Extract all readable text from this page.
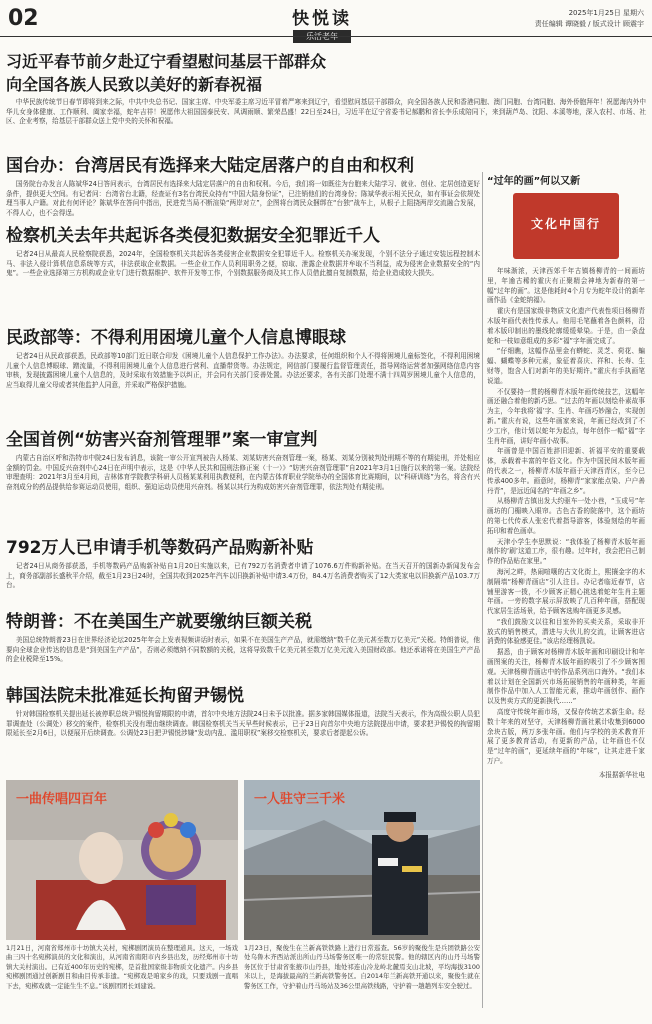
02	快悦读	2025年1月25日 星期六
责任编辑 谭晓毅 / 版式设计 顾震宇
习近平春节前夕赴辽宁看望慰问基层干部群众
向全国各族人民致以美好的新春祝福

中华民族传统节日春节即将到来之际，中共中央总书记、国家主席、中央军委主席习近平冒着严寒来到辽宁，看望慰问基层干部群众，向全国各族人民和香港同胞、澳门同胞、台湾同胞、海外侨胞拜年！祝愿海内外中华儿女身体健康、工作顺利、阖家幸福，蛇年吉祥！祝愿伟大祖国国泰民安、风调雨顺、繁荣昌盛！22日至24日，习近平在辽宁省委书记郝鹏和省长李乐成陪同下，来到葫芦岛、沈阳、本溪等地，深入农村、市场、社区、企业考察，给基层干部群众送上党中央的关怀和祝福。

国台办：台湾居民有选择来大陆定居落户的自由和权利

国务院台办发言人陈斌华24日答问表示，台湾居民有选择来大陆定居落户的自由和权利。今后，我们将一如既往为台胞来大陆学习、就业、创业、定居创造更好条件，提供更大空间。有记者问：台湾省台北籍，经查证有3名台湾民众持有“中国大陆身份证”，已注销他们的台湾身份；陈斌华表示相关民众，如有事证会依规处理当事人户籍。对此有何评论？陈斌华在答问中指出，民进党当局不断渲染“两岸对立”，企图将台湾民众捆绑在“台独”战车上，从根子上阻挠两岸交流融合发展，不得人心，也不会得逞。

检察机关去年共起诉各类侵犯数据安全犯罪近千人

记者24日从最高人民检察院获悉，2024年，全国检察机关共起诉各类侵害企业数据安全犯罪近千人。检察机关办案发现，个别不法分子通过安装远程控制木马、非法入侵计算机信息系统等方式，非法获取企业数据。一些企业工作人员利用职务之便，窃取、泄露企业数据并牟取不当利益，成为侵害企业数据安全的“内鬼”。一些企业选择第三方机构或企业专门进行数据维护、软件开发等工作，个别数据服务商及其工作人员借此擅自复制数据，给企业造成较大损失。

民政部等：不得利用困境儿童个人信息博眼球

记者24日从民政部获悉，民政部等10部门近日联合印发《困境儿童个人信息保护工作办法》。办法要求，任何组织和个人不得将困境儿童标签化，不得利用困境儿童个人信息博眼球、蹭流量，不得利用困境儿童个人信息进行营利、直播带货等。办法规定，网信部门要履行监督管理责任，指导网络运营者加强网络信息内容审核，发现披露困境儿童个人信息的，及时采取有效措施予以纠正，并会同有关部门妥善处置。办法还要求，各有关部门处理不满十四周岁困境儿童个人信息的，应当取得儿童父母或者其他监护人同意，并采取严格保护措施。

全国首例“妨害兴奋剂管理罪”案一审宣判

内蒙古自治区呼和浩特市中院24日发布消息，该院一审公开宣判被告人杨某、刘某妨害兴奋剂管理一案，杨某、刘某分别被判处刑期不等的有期徒刑，并处相应金额的罚金。中国反兴奋剂中心24日在声明中表示，这是《中华人民共和国刑法修正案（十一）》“妨害兴奋剂管理罪”自2021年3月1日施行以来的第一案。法院经审理查明：2021年3月至4月间，吉林体育学院教学科研人员杨某某利用执教便利，在内蒙古体育职业学院举办的全国体育比赛期间，以“科研训练”为名，将含有兴奋剂成分的药品提供给参赛运动员使用，组织、强迫运动员使用兴奋剂。杨某以其行为构成妨害兴奋剂管理罪，依法判处有期徒刑。

792万人已申请手机等数码产品购新补贴

记者24日从商务部获悉，手机等数码产品购新补贴自1月20日实施以来，已有792万名消费者申请了1076.6万件购新补贴。在当天召开的国新办新闻发布会上，商务部副部长盛秋平介绍，截至1月23日24时，全国共收到2025年汽车以旧换新补贴申请3.4万份，84.4万名消费者购买了12大类家电以旧换新产品103.7万台。

特朗普：不在美国生产就要缴纳巨额关税

美国总统特朗普23日在世界经济论坛2025年年会上发表视频讲话时表示，如果不在美国生产产品，就需缴纳“数千亿美元甚至数万亿美元”关税。特朗普说，他要向全球企业传达的信息是“到美国生产产品”，否则必须缴纳不同数额的关税，这将导致数千亿美元甚至数万亿美元流入美国财政部。他还承诺将在美国生产产品的企业税降至15%。

韩国法院未批准延长拘留尹锡悦

针对韩国检察机关提出延长被停职总统尹锡悦拘留期限的申请，首尔中央地方法院24日未予以批准。据多家韩国媒体报道，法院当天表示，作为高级公职人员犯罪调查处（公调处）移交的案件，检察机关没有理由继续调查。韩国检察机关当天早些时候表示，已于23日向首尔中央地方法院提出申请，要求把尹锡悦的拘留期限延长至2月6日，以便展开后续调查。公调处23日把尹锡悦涉嫌“发动内乱、滥用职权”案移交检察机关，要求后者提起公诉。

一曲传唱四百年	一人驻守三千米
1月21日，河南省郑州市十坊镇大关村，宛梆剧团演员在整理道具。这天，一场戏曲三四十名宛梆演员的文化和演出，从河南省南阳市内乡县出发，历经郑州市十坊镇大关村演出。已有近400年历史的宛梆，是首批国家级非物质文化遗产。内乡县宛梆剧团通过创新剧目和曲目传承非遗。“宛梆戏是咱家乡的戏，只要戏剧一直唱下去，宛梆戏就一定能生生不息。”该剧团团长刘建说。
1月23日，聚俊生在兰新高铁铁路上进行日常巡查。56岁的聚俊生是兵团铁路公安处乌鲁木齐西站派出所山丹马场警务区唯一的常驻民警。他的辖区内的山丹马场警务区位于甘肃省张掖市山丹县，地处祁连山冷龙岭北麓焉支山北坡，平均海拔3100米以上，是海拔最高的兰新高铁警务区。自2014年兰新高铁开通以来，聚俊生就在警务区工作，守护着山丹马场站及36公里高铁线路，守护着一趟趟列车安全驶过。
“过年的画”何以又新
文化中国行

年味渐浓，天津西郊千年古镇杨柳青的一间画坊里，年逾古稀的霍庆有正聚精会神地为新春的第一幅“过年的画”。这是他耗时4个月专为蛇年设计的新年画作品《金蛇纳福》。

霍庆有是国家级非物质文化遗产代表性项目杨柳青木版年画代表性传承人。他用毛笔蘸着各色颜料，沿着木版印制出的墨线轮廓缓缓晕染。于是，由一条盘蛇和一枝如意组成的多彩“福”字年画完成了。

“仔细瞧，这幅作品里金有蟒蛇、灵芝、荷花、蝙蝠、蝴蝶等多种元素，象征着喜庆、祥和、长寿、生财等，饱含人们对新年的美好期许。”霍庆有手执画笔说道。

不仅要持一贯的杨柳青木版年画传统技艺，这幅年画还融合着他的新巧思。“过去的年画以刻绘朴素故事为主，今年我将‘福’字、生肖、年画巧妙融合，实现创新。”霍庆有说，这些年画家来说，年画已经改到了不少工序，他计划以蛇年为起点，每年创作一幅“福”字生肖年画，讲好年画小故事。

年画曾是中国百姓辞旧迎新、祈福平安的重要载体，承载着丰富的年俗文化。作为中国民间木版年画的代表之一，杨柳青木版年画于天津西青区，至今已传承400多年。画意时，杨柳青“家家能点染、户户善丹青”，是远近闻名的“年画之乡”。

从杨柳青古镇出发大约驱车一处小巷，“玉成号”年画坊的门楣映入眼帘。古色古香的院落中，这个画坊的第七代传承人张宏代着指导游客，体验刻绘的年画拓印和着色画卓。

天津小学生李思默说：“我体验了杨柳青木版年画制作的‘刷’这道工序，很有趣。过年时，我会把自己制作的作品贴在家里。”

海河之畔，热闹喧嚷的古文化街上，熙攘金字的木制隔墙“杨柳青画店”引人注目。办记者临近春节，店铺里游客一拨，不少顾客正精心挑选着蛇年生肖主题年画。一旁的数字展示屏放映了几百种年画，搭配现代家居生活场景，给予顾客选购年画更多灵感。

“我们鼓励文以往和目室外的买卖关系，采取非开放式的销售模式，潜进与大伙儿的交流，让顾客进店消费的体验感更佳。”该店经理杨凯说。

据悉，由于顾客对杨柳青木版年画和印刷设计和年画图案的关注，杨柳青木版年画的吸引了不少顾客围观。天津杨柳青画店中的作品系列出口海外。“我们本着以计划在全国新兴市场拓展销售的年画种类，年画制作作品中加入人工智能元素，推动年画创作、画作以及售卖方式的更新换代……”

高度守传统年画市场，又保存传统艺术新生命。经数十年来的对坚守，天津杨柳青画社累计收集到6000余块古版，两万多张年画。他们与学校的美术教育开展了更多教育活动，有更新的产品，让年画也不仅是“过年的画”，更延续年画的“年味”，让其走进千家万户。

本报据新华社电
